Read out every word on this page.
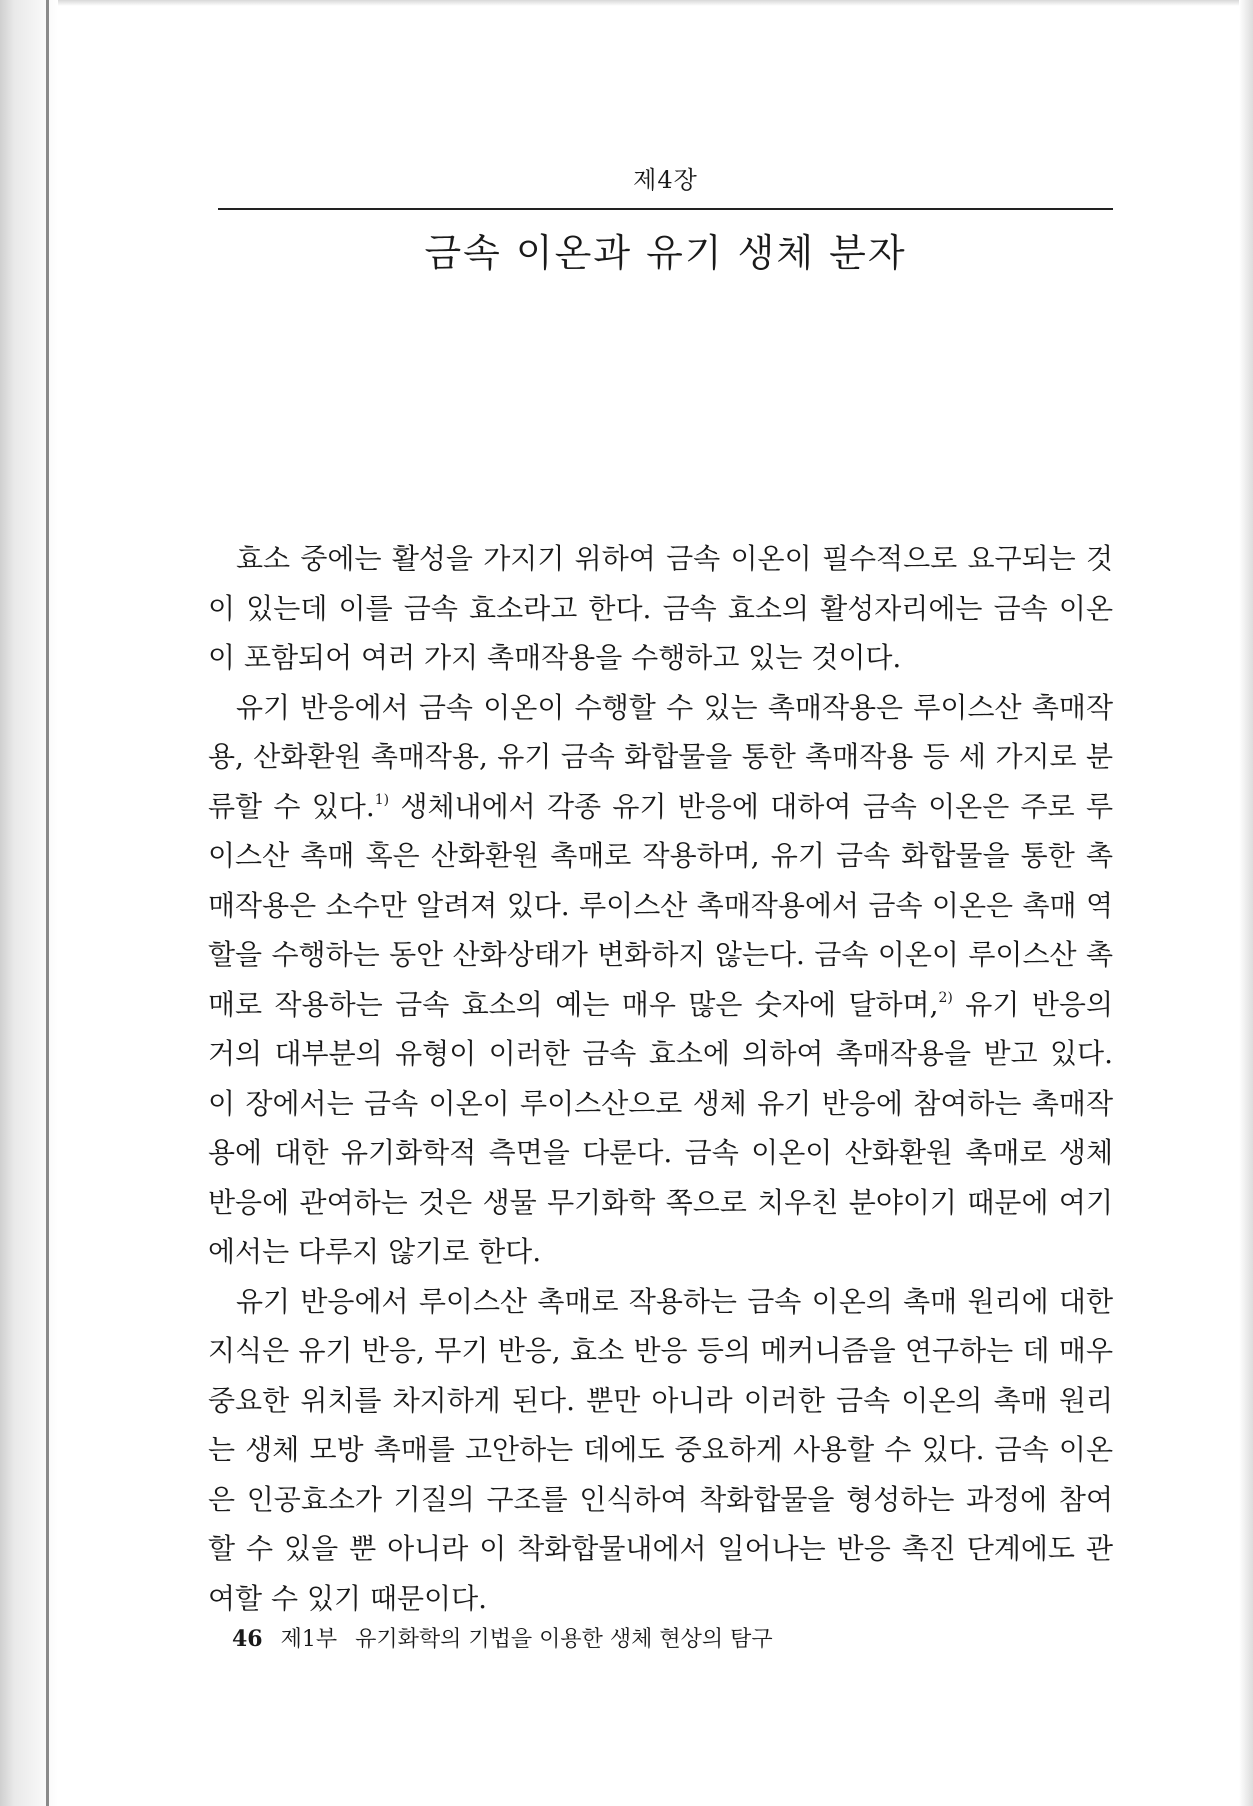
제4장
금속 이온과 유기 생체 분자

효소 중에는 활성을 가지기 위하여 금속 이온이 필수적으로 요구되는 것이 있는데 이를 금속 효소라고 한다. 금속 효소의 활성자리에는 금속 이온이 포함되어 여러 가지 촉매작용을 수행하고 있는 것이다.

유기 반응에서 금속 이온이 수행할 수 있는 촉매작용은 루이스산 촉매작용, 산화환원 촉매작용, 유기 금속 화합물을 통한 촉매작용 등 세 가지로 분류할 수 있다.$^{1)}$ 생체내에서 각종 유기 반응에 대하여 금속 이온은 주로 루이스산 촉매 혹은 산화환원 촉매로 작용하며, 유기 금속 화합물을 통한 촉매작용은 소수만 알려져 있다. 루이스산 촉매작용에서 금속 이온은 촉매 역할을 수행하는 동안 산화상태가 변화하지 않는다. 금속 이온이 루이스산 촉매로 작용하는 금속 효소의 예는 매우 많은 숫자에 달하며,$^{2)}$ 유기 반응의 거의 대부분의 유형이 이러한 금속 효소에 의하여 촉매작용을 받고 있다. 이 장에서는 금속 이온이 루이스산으로 생체 유기 반응에 참여하는 촉매작용에 대한 유기화학적 측면을 다룬다. 금속 이온이 산화환원 촉매로 생체 반응에 관여하는 것은 생물 무기화학 쪽으로 치우친 분야이기 때문에 여기에서는 다루지 않기로 한다.

유기 반응에서 루이스산 촉매로 작용하는 금속 이온의 촉매 원리에 대한 지식은 유기 반응, 무기 반응, 효소 반응 등의 메커니즘을 연구하는 데 매우 중요한 위치를 차지하게 된다. 뿐만 아니라 이러한 금속 이온의 촉매 원리는 생체 모방 촉매를 고안하는 데에도 중요하게 사용할 수 있다. 금속 이온은 인공효소가 기질의 구조를 인식하여 착화합물을 형성하는 과정에 참여할 수 있을 뿐 아니라 이 착화합물내에서 일어나는 반응 촉진 단계에도 관여할 수 있기 때문이다.

46 제1부 유기화학의 기법을 이용한 생체 현상의 탐구
